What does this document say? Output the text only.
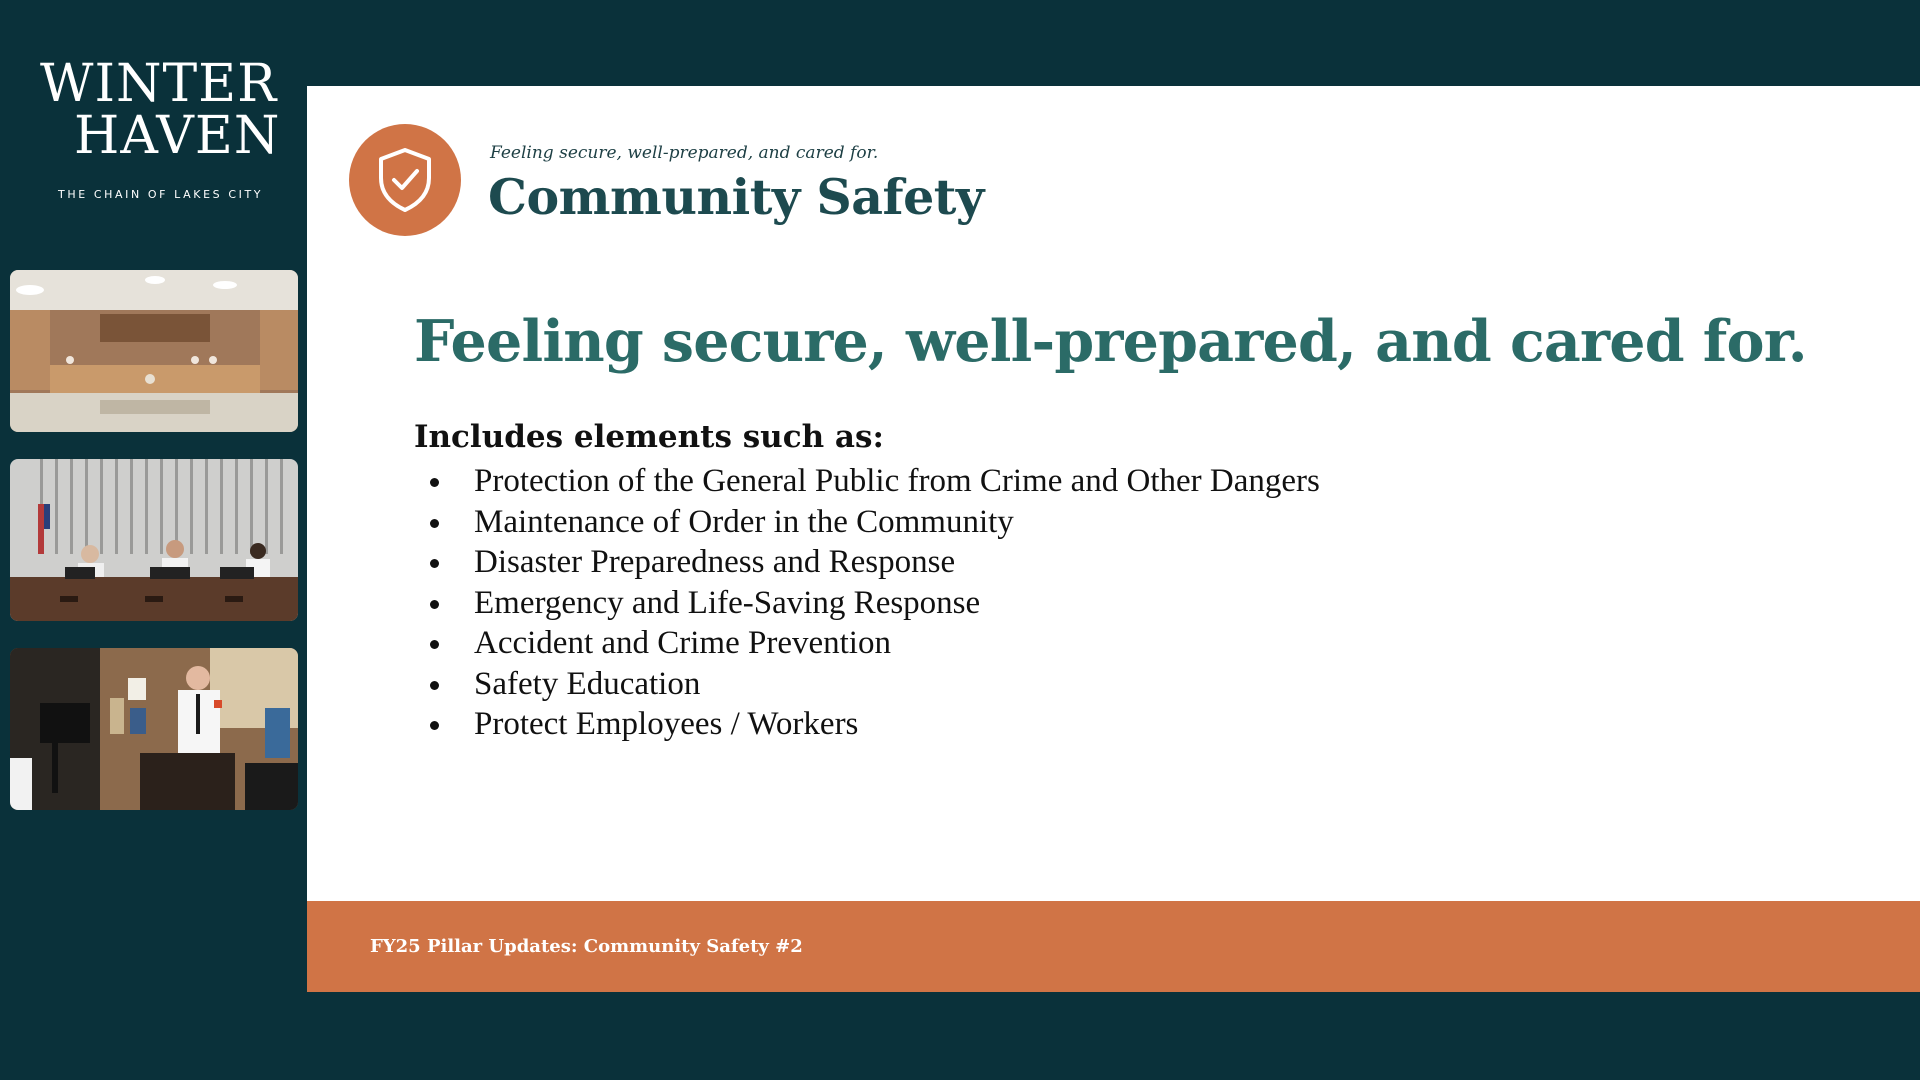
WINTER
HAVEN
THE CHAIN OF LAKES CITY
Feeling secure, well-prepared, and cared for.
Community Safety
Feeling secure, well-prepared, and cared for.
Includes elements such as:
Protection of the General Public from Crime and Other Dangers
Maintenance of Order in the Community
Disaster Preparedness and Response
Emergency and Life-Saving Response
Accident and Crime Prevention
Safety Education
Protect Employees / Workers
FY25 Pillar Updates: Community Safety #2
